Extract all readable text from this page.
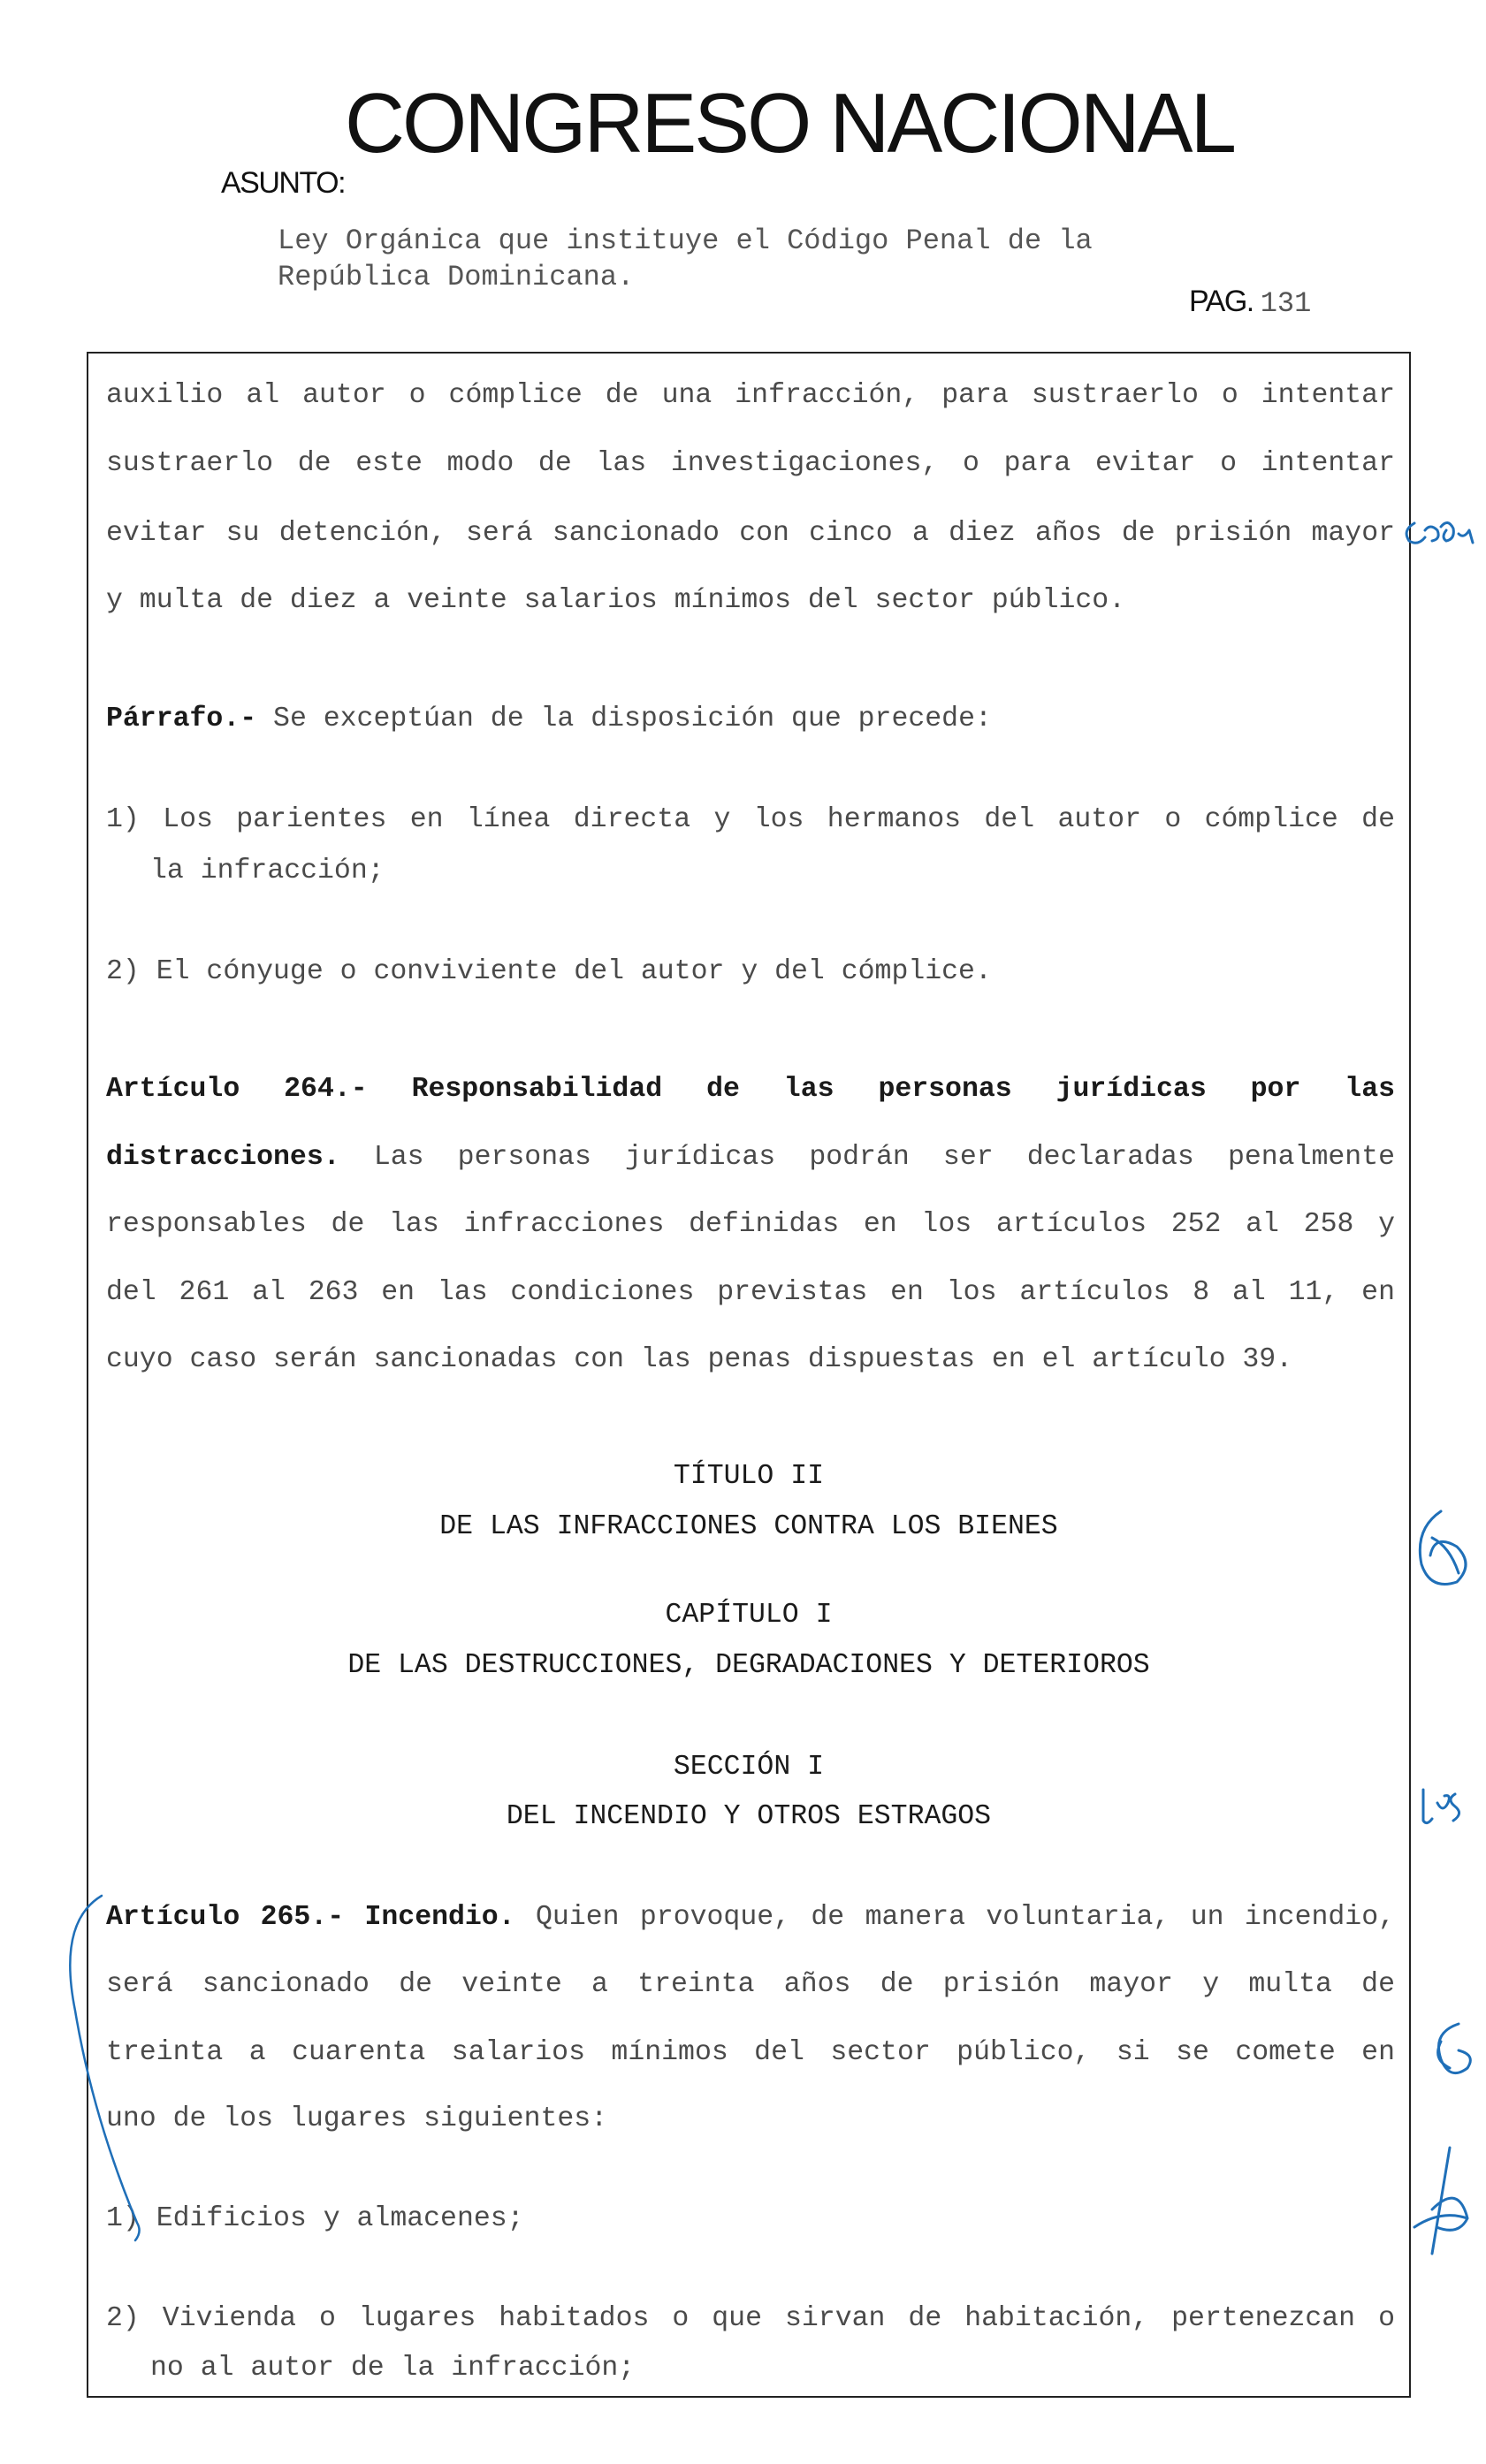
CONGRESO NACIONAL
ASUNTO:
Ley Orgánica que instituye el Código Penal de la
República Dominicana.
PAG. 131
auxilio al autor o cómplice de una infracción, para sustraerlo o intentar
sustraerlo de este modo de las investigaciones, o para evitar o intentar
evitar su detención, será sancionado con cinco a diez años de prisión mayor
y multa de diez a veinte salarios mínimos del sector público.
Párrafo.- Se exceptúan de la disposición que precede:
1) Los parientes en línea directa y los hermanos del autor o cómplice de
la infracción;
2) El cónyuge o conviviente del autor y del cómplice.
Artículo 264.- Responsabilidad de las personas jurídicas por las
distracciones. Las personas jurídicas podrán ser declaradas penalmente
responsables de las infracciones definidas en los artículos 252 al 258 y
del 261 al 263 en las condiciones previstas en los artículos 8 al 11, en
cuyo caso serán sancionadas con las penas dispuestas en el artículo 39.
TÍTULO II
DE LAS INFRACCIONES CONTRA LOS BIENES
CAPÍTULO I
DE LAS DESTRUCCIONES, DEGRADACIONES Y DETERIOROS
SECCIÓN I
DEL INCENDIO Y OTROS ESTRAGOS
Artículo 265.- Incendio. Quien provoque, de manera voluntaria, un incendio,
será sancionado de veinte a treinta años de prisión mayor y multa de
treinta a cuarenta salarios mínimos del sector público, si se comete en
uno de los lugares siguientes:
1) Edificios y almacenes;
2) Vivienda o lugares habitados o que sirvan de habitación, pertenezcan o
no al autor de la infracción;
